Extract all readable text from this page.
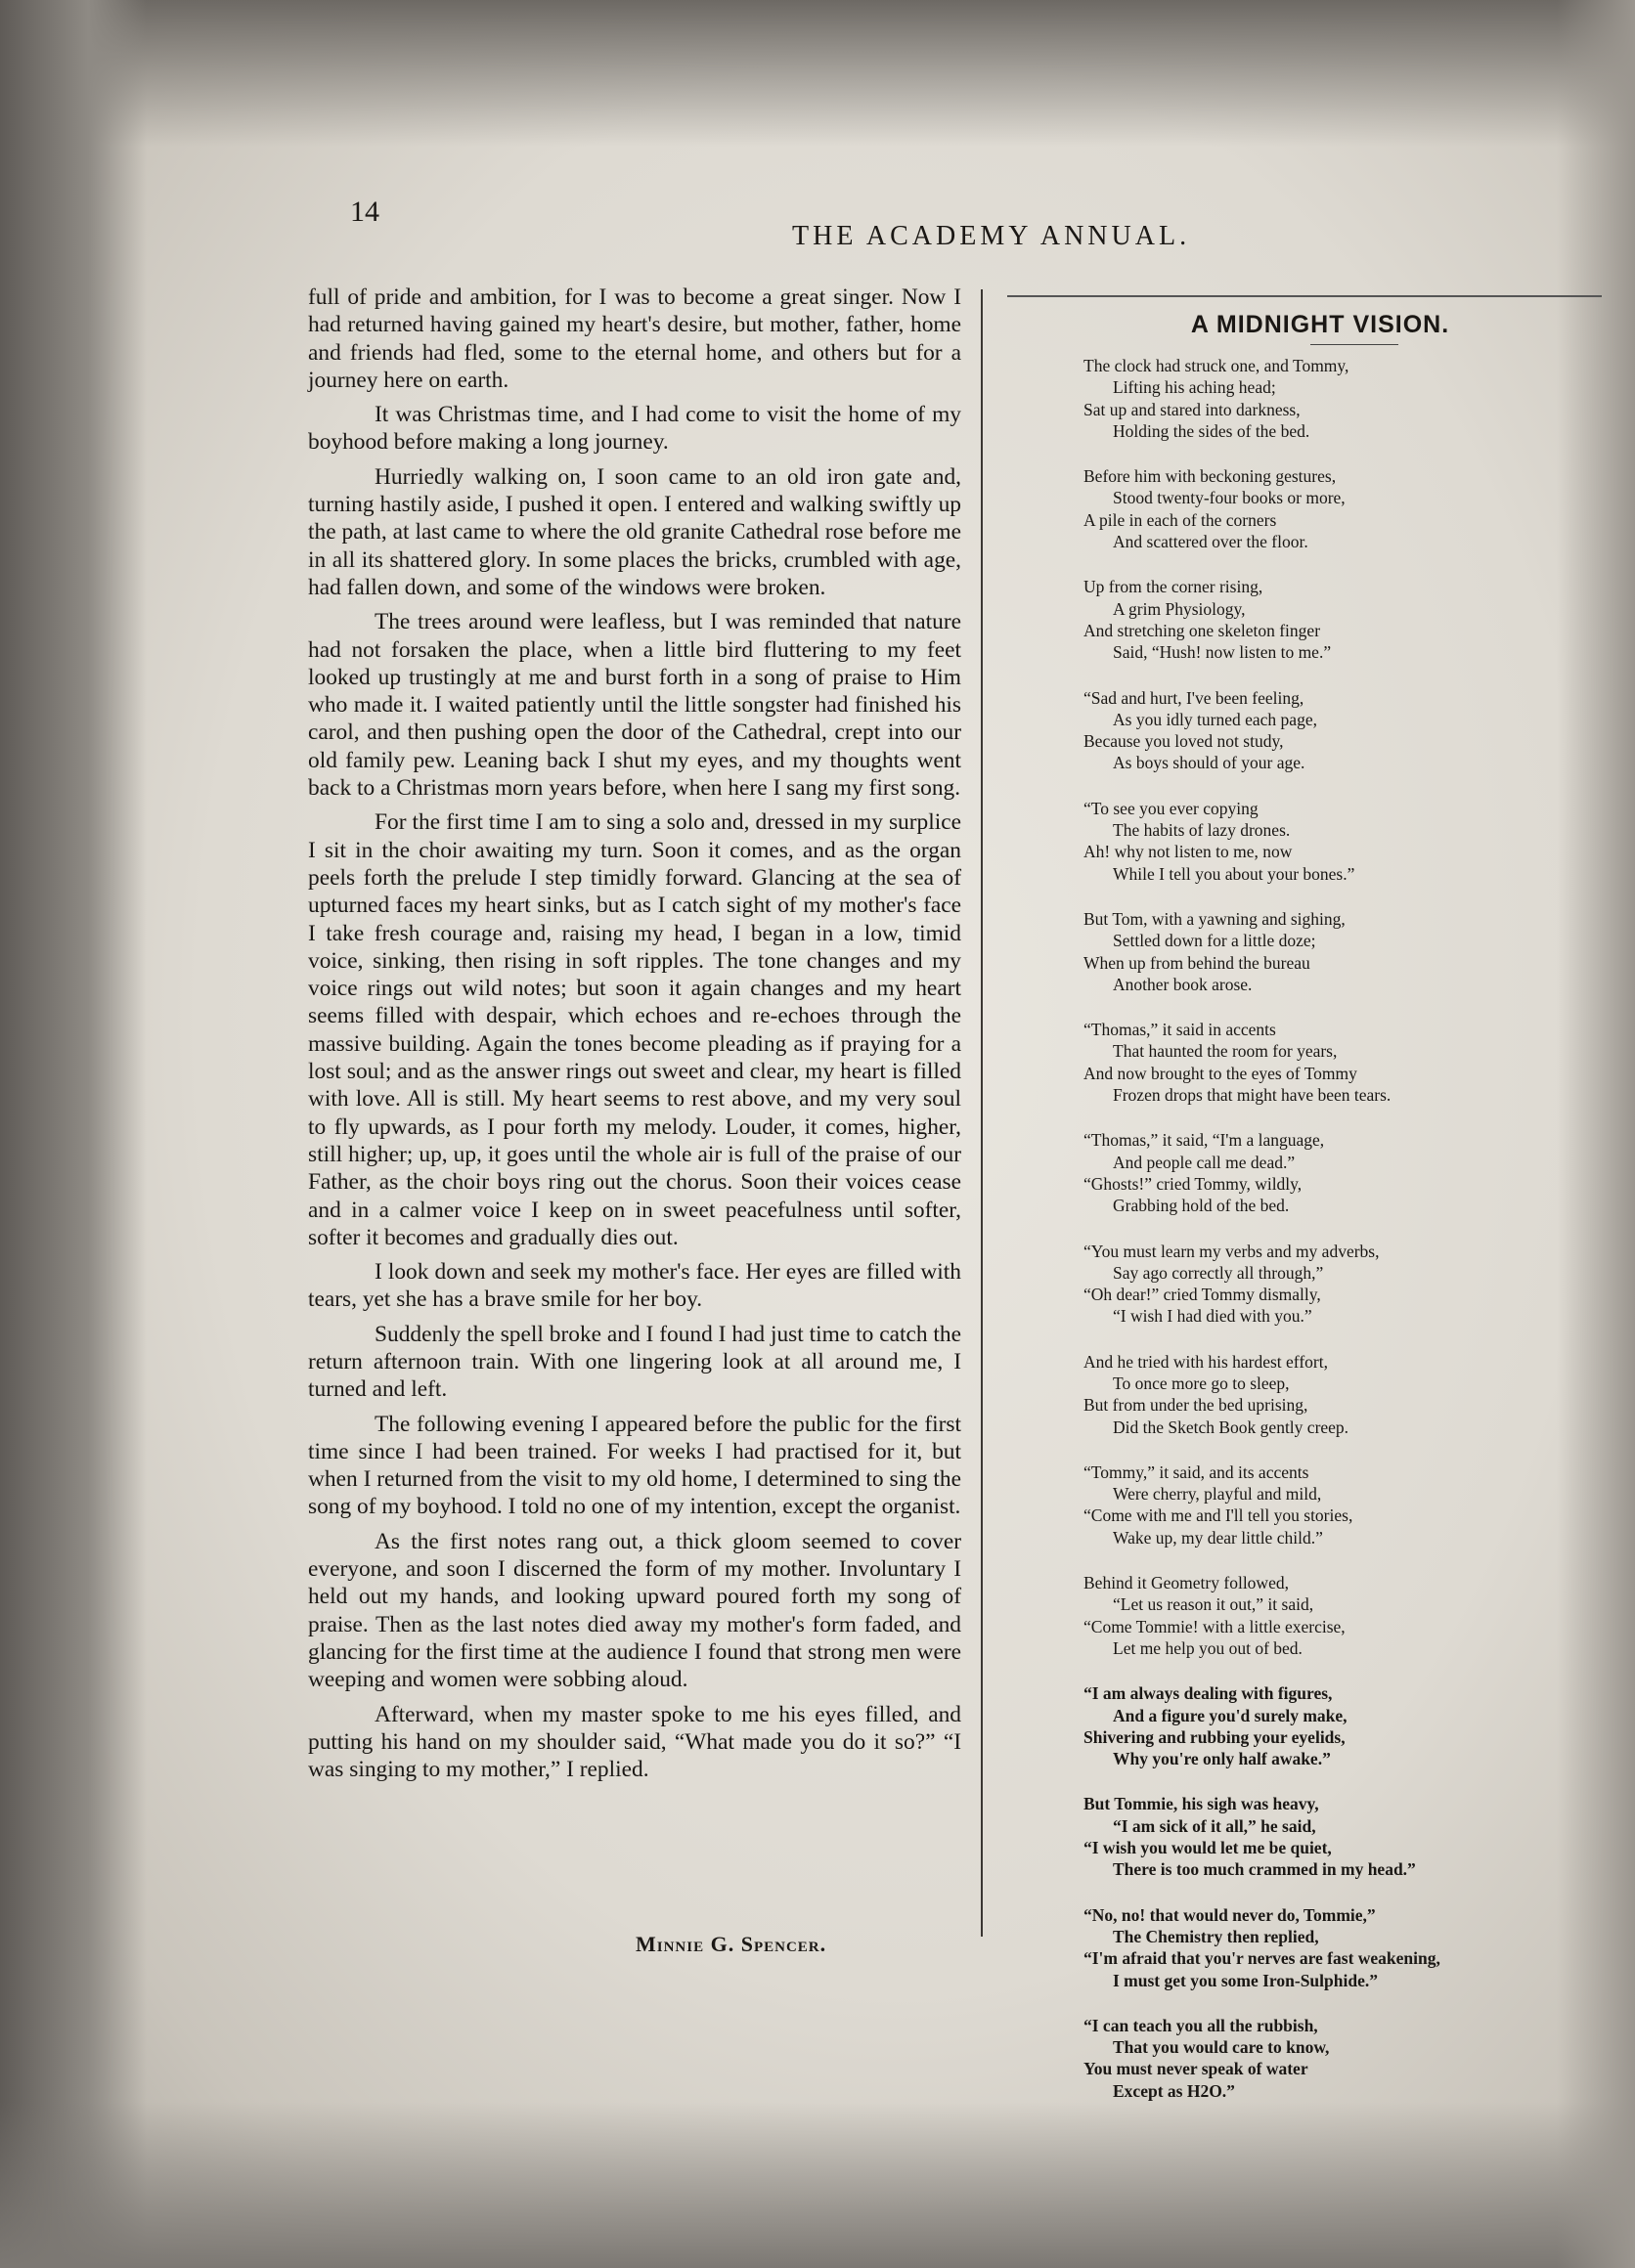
14
THE ACADEMY ANNUAL.

full of pride and ambition, for I was to become a great singer. Now I had returned having gained my heart's desire, but mother, father, home and friends had fled, some to the eternal home, and others but for a journey here on earth.

It was Christmas time, and I had come to visit the home of my boyhood before making a long journey.

Hurriedly walking on, I soon came to an old iron gate and, turning hastily aside, I pushed it open. I entered and walking swiftly up the path, at last came to where the old granite Cathedral rose before me in all its shattered glory. In some places the bricks, crumbled with age, had fallen down, and some of the windows were broken.

The trees around were leafless, but I was reminded that nature had not forsaken the place, when a little bird fluttering to my feet looked up trustingly at me and burst forth in a song of praise to Him who made it. I waited patiently until the little songster had finished his carol, and then pushing open the door of the Cathedral, crept into our old family pew. Leaning back I shut my eyes, and my thoughts went back to a Christmas morn years before, when here I sang my first song.

For the first time I am to sing a solo and, dressed in my surplice I sit in the choir awaiting my turn. Soon it comes, and as the organ peels forth the prelude I step timidly forward. Glancing at the sea of upturned faces my heart sinks, but as I catch sight of my mother's face I take fresh courage and, raising my head, I began in a low, timid voice, sinking, then rising in soft ripples. The tone changes and my voice rings out wild notes; but soon it again changes and my heart seems filled with despair, which echoes and re-echoes through the massive building. Again the tones become pleading as if praying for a lost soul; and as the answer rings out sweet and clear, my heart is filled with love. All is still. My heart seems to rest above, and my very soul to fly upwards, as I pour forth my melody. Louder, it comes, higher, still higher; up, up, it goes until the whole air is full of the praise of our Father, as the choir boys ring out the chorus. Soon their voices cease and in a calmer voice I keep on in sweet peacefulness until softer, softer it becomes and gradually dies out.

I look down and seek my mother's face. Her eyes are filled with tears, yet she has a brave smile for her boy.

Suddenly the spell broke and I found I had just time to catch the return afternoon train. With one lingering look at all around me, I turned and left.

The following evening I appeared before the public for the first time since I had been trained. For weeks I had practised for it, but when I returned from the visit to my old home, I determined to sing the song of my boyhood. I told no one of my intention, except the organist.

As the first notes rang out, a thick gloom seemed to cover everyone, and soon I discerned the form of my mother. Involuntary I held out my hands, and looking upward poured forth my song of praise. Then as the last notes died away my mother's form faded, and glancing for the first time at the audience I found that strong men were weeping and women were sobbing aloud.

Afterward, when my master spoke to me his eyes filled, and putting his hand on my shoulder said, “What made you do it so?” “I was singing to my mother,” I replied.

Minnie G. Spencer.
A MIDNIGHT VISION.
The clock had struck one, and Tommy,
Lifting his aching head;
Sat up and stared into darkness,
Holding the sides of the bed.
Before him with beckoning gestures,
Stood twenty-four books or more,
A pile in each of the corners
And scattered over the floor.
Up from the corner rising,
A grim Physiology,
And stretching one skeleton finger
Said, “Hush! now listen to me.”
“Sad and hurt, I've been feeling,
As you idly turned each page,
Because you loved not study,
As boys should of your age.
“To see you ever copying
The habits of lazy drones.
Ah! why not listen to me, now
While I tell you about your bones.”
But Tom, with a yawning and sighing,
Settled down for a little doze;
When up from behind the bureau
Another book arose.
“Thomas,” it said in accents
That haunted the room for years,
And now brought to the eyes of Tommy
Frozen drops that might have been tears.
“Thomas,” it said, “I'm a language,
And people call me dead.”
“Ghosts!” cried Tommy, wildly,
Grabbing hold of the bed.
“You must learn my verbs and my adverbs,
Say ago correctly all through,”
“Oh dear!” cried Tommy dismally,
“I wish I had died with you.”
And he tried with his hardest effort,
To once more go to sleep,
But from under the bed uprising,
Did the Sketch Book gently creep.
“Tommy,” it said, and its accents
Were cherry, playful and mild,
“Come with me and I'll tell you stories,
Wake up, my dear little child.”
Behind it Geometry followed,
“Let us reason it out,” it said,
“Come Tommie! with a little exercise,
Let me help you out of bed.
“I am always dealing with figures,
And a figure you'd surely make,
Shivering and rubbing your eyelids,
Why you're only half awake.”
But Tommie, his sigh was heavy,
“I am sick of it all,” he said,
“I wish you would let me be quiet,
There is too much crammed in my head.”
“No, no! that would never do, Tommie,”
The Chemistry then replied,
“I'm afraid that you'r nerves are fast weakening,
I must get you some Iron-Sulphide.”
“I can teach you all the rubbish,
That you would care to know,
You must never speak of water
Except as H2O.”
